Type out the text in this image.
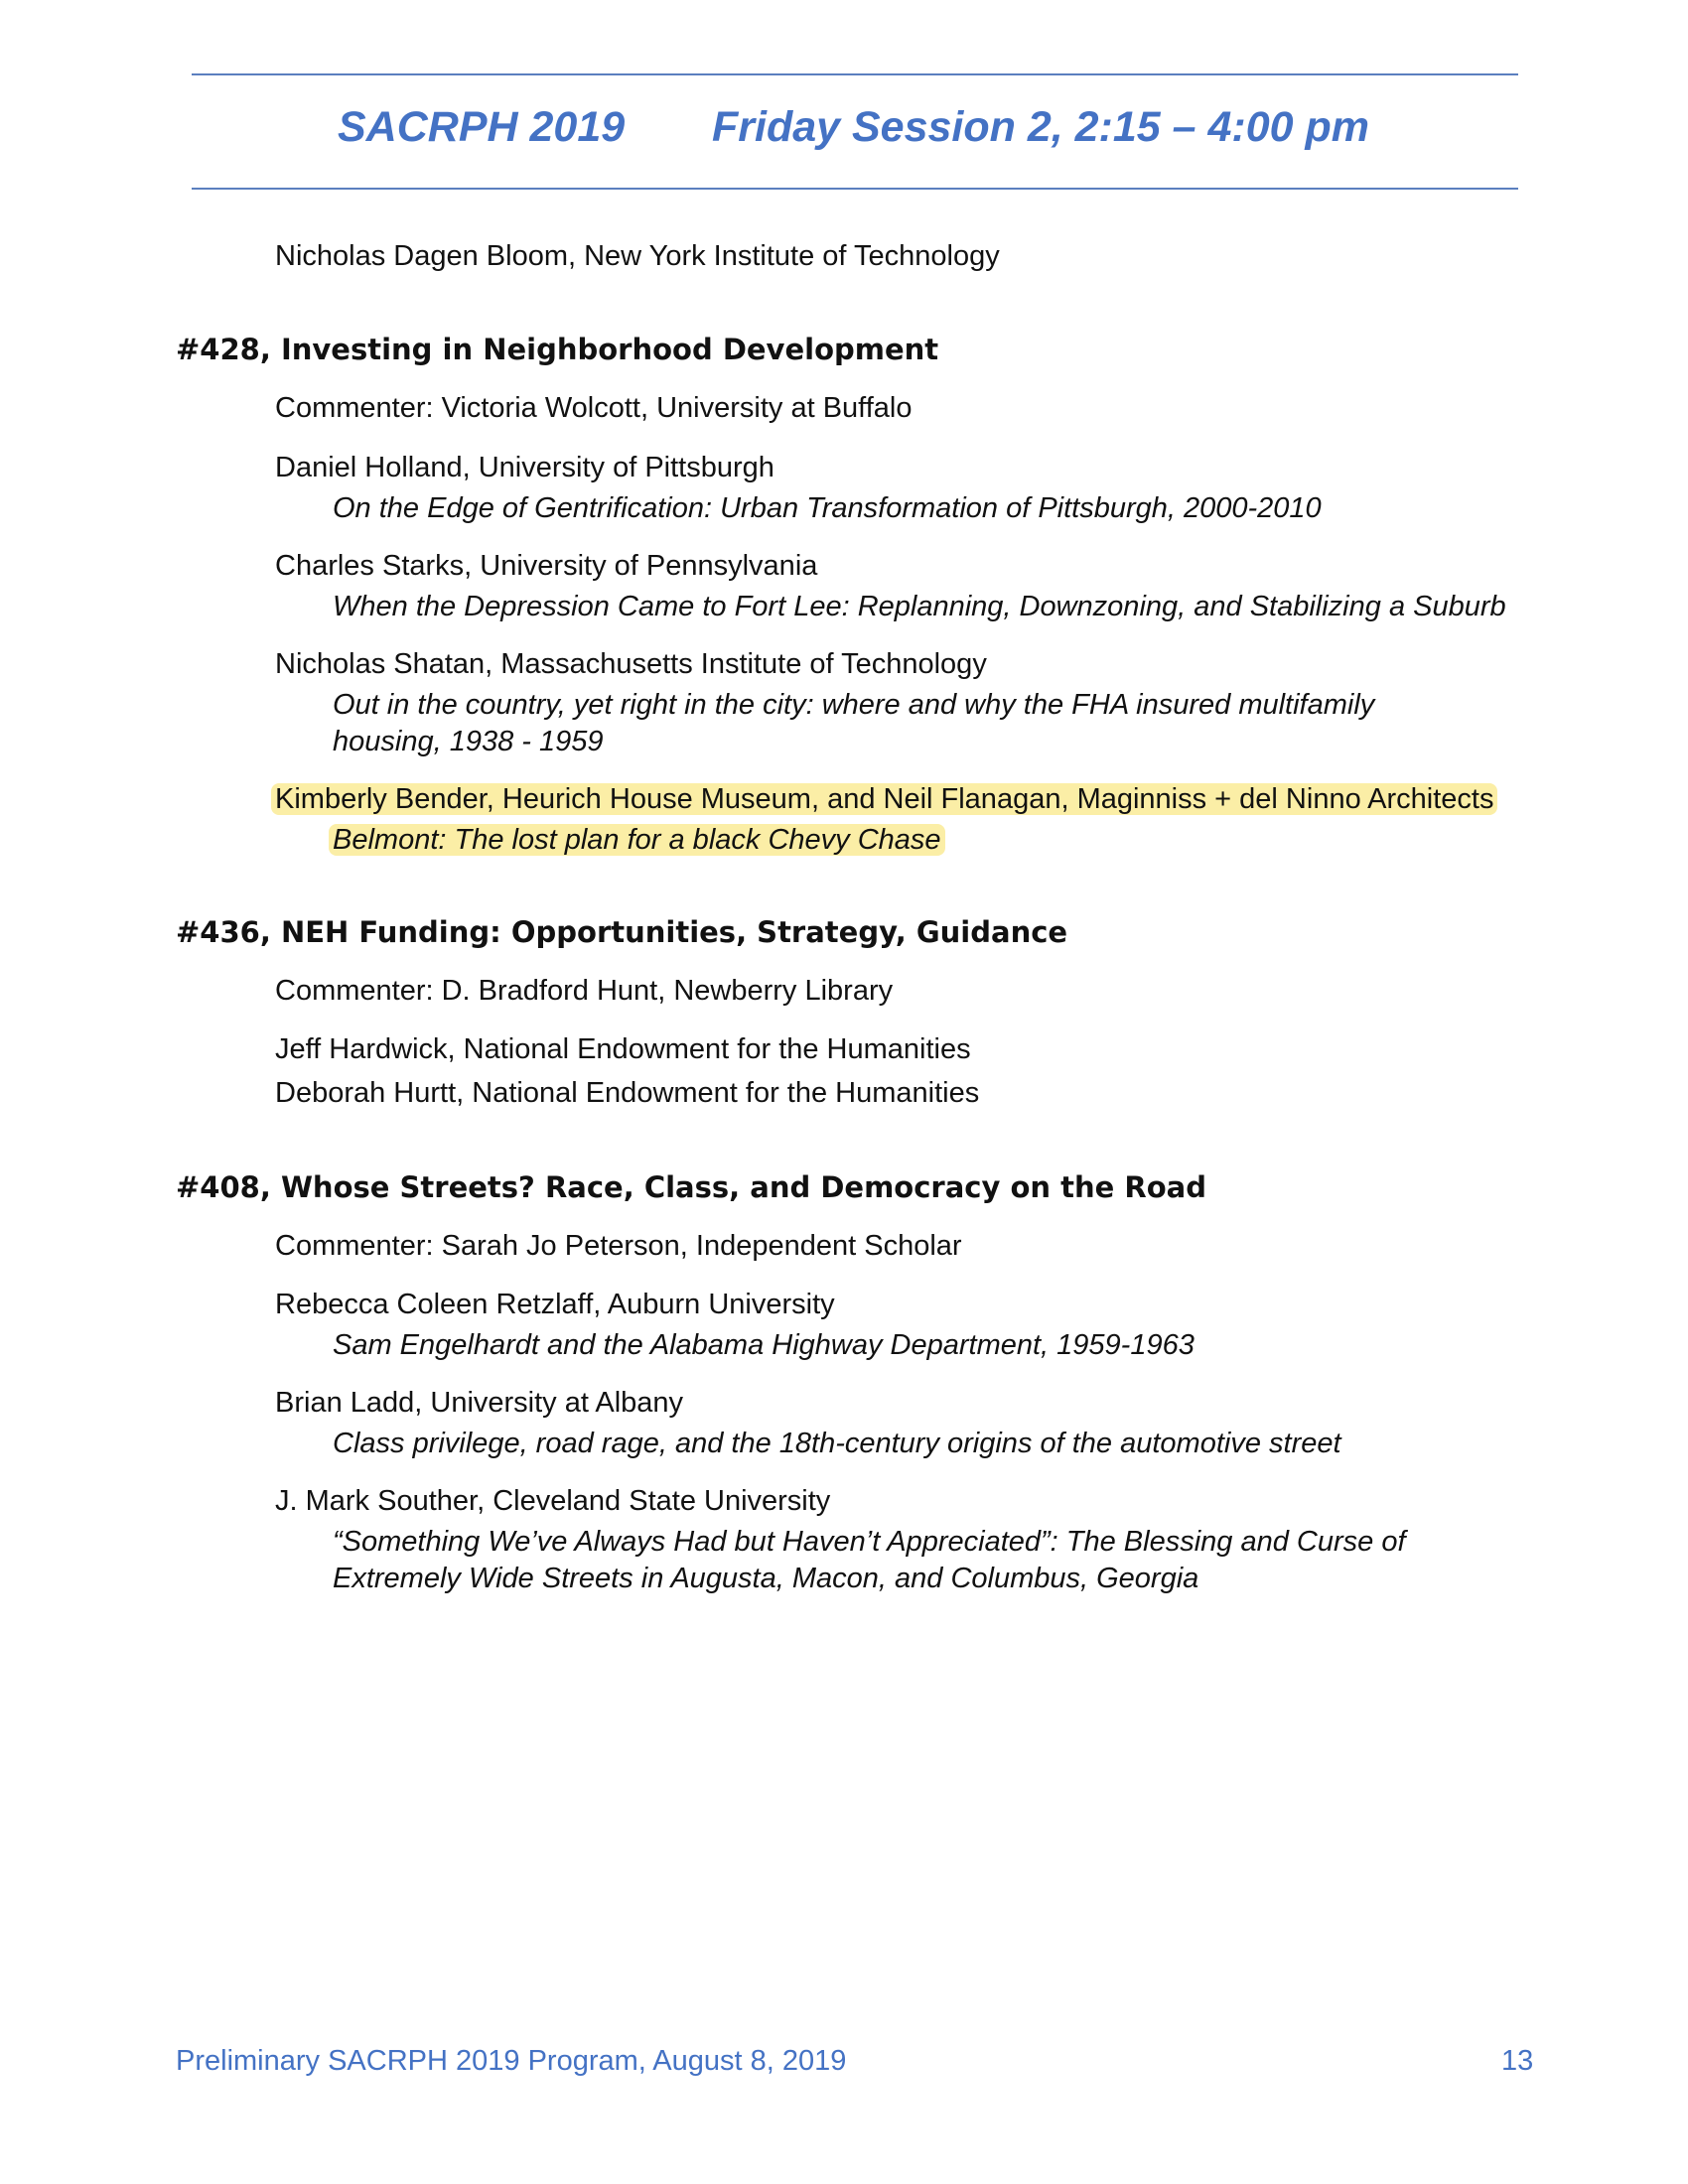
SACRPH 2019 Friday Session 2, 2:15 – 4:00 pm
Nicholas Dagen Bloom, New York Institute of Technology
#428, Investing in Neighborhood Development
Commenter: Victoria Wolcott, University at Buffalo
Daniel Holland, University of Pittsburgh
On the Edge of Gentrification: Urban Transformation of Pittsburgh, 2000-2010
Charles Starks, University of Pennsylvania
When the Depression Came to Fort Lee: Replanning, Downzoning, and Stabilizing a Suburb
Nicholas Shatan, Massachusetts Institute of Technology
Out in the country, yet right in the city: where and why the FHA insured multifamily
housing, 1938 - 1959
Kimberly Bender, Heurich House Museum, and Neil Flanagan, Maginniss + del Ninno Architects
Belmont: The lost plan for a black Chevy Chase
#436, NEH Funding: Opportunities, Strategy, Guidance
Commenter: D. Bradford Hunt, Newberry Library
Jeff Hardwick, National Endowment for the Humanities
Deborah Hurtt, National Endowment for the Humanities
#408, Whose Streets? Race, Class, and Democracy on the Road
Commenter: Sarah Jo Peterson, Independent Scholar
Rebecca Coleen Retzlaff, Auburn University
Sam Engelhardt and the Alabama Highway Department, 1959-1963
Brian Ladd, University at Albany
Class privilege, road rage, and the 18th-century origins of the automotive street
J. Mark Souther, Cleveland State University
“Something We’ve Always Had but Haven’t Appreciated”: The Blessing and Curse of
Extremely Wide Streets in Augusta, Macon, and Columbus, Georgia
Preliminary SACRPH 2019 Program, August 8, 2019	13
